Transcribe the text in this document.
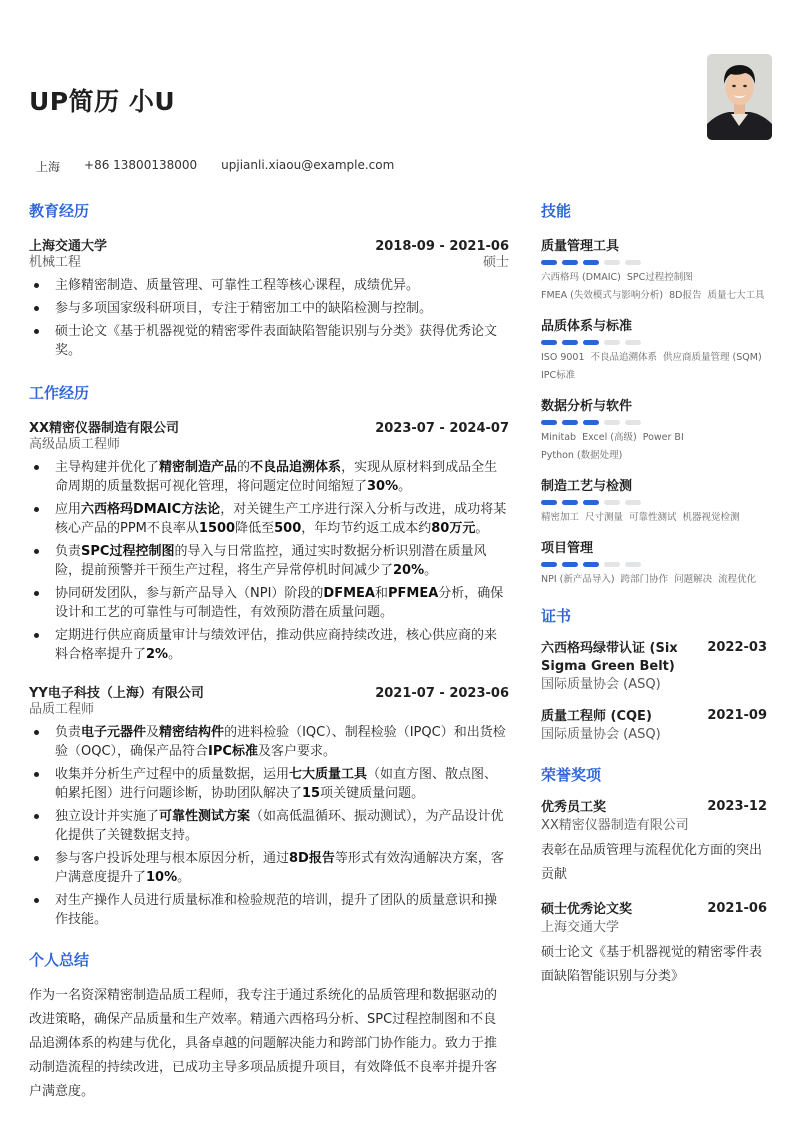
UP简历 小U
上海 +86 13800138000 upjianli.xiaou@example.com
教育经历
上海交通大学	2018-09 - 2021-06
机械工程	硕士
主修精密制造、质量管理、可靠性工程等核心课程，成绩优异。
参与多项国家级科研项目，专注于精密加工中的缺陷检测与控制。
硕士论文《基于机器视觉的精密零件表面缺陷智能识别与分类》获得优秀论文奖。
工作经历
XX精密仪器制造有限公司	2023-07 - 2024-07
高级品质工程师
主导构建并优化了精密制造产品的不良品追溯体系，实现从原材料到成品全生命周期的质量数据可视化管理，将问题定位时间缩短了30%。
应用六西格玛DMAIC方法论，对关键生产工序进行深入分析与改进，成功将某核心产品的PPM不良率从1500降低至500，年均节约返工成本约80万元。
负责SPC过程控制图的导入与日常监控，通过实时数据分析识别潜在质量风险，提前预警并干预生产过程，将生产异常停机时间减少了20%。
协同研发团队，参与新产品导入（NPI）阶段的DFMEA和PFMEA分析，确保设计和工艺的可靠性与可制造性，有效预防潜在质量问题。
定期进行供应商质量审计与绩效评估，推动供应商持续改进，核心供应商的来料合格率提升了2%。
YY电子科技（上海）有限公司	2021-07 - 2023-06
品质工程师
负责电子元器件及精密结构件的进料检验（IQC）、制程检验（IPQC）和出货检验（OQC），确保产品符合IPC标准及客户要求。
收集并分析生产过程中的质量数据，运用七大质量工具（如直方图、散点图、帕累托图）进行问题诊断，协助团队解决了15项关键质量问题。
独立设计并实施了可靠性测试方案（如高低温循环、振动测试），为产品设计优化提供了关键数据支持。
参与客户投诉处理与根本原因分析，通过8D报告等形式有效沟通解决方案，客户满意度提升了10%。
对生产操作人员进行质量标准和检验规范的培训，提升了团队的质量意识和操作技能。
个人总结

作为一名资深精密制造品质工程师，我专注于通过系统化的品质管理和数据驱动的改进策略，确保产品质量和生产效率。精通六西格玛分析、SPC过程控制图和不良品追溯体系的构建与优化，具备卓越的问题解决能力和跨部门协作能力。致力于推动制造流程的持续改进，已成功主导多项品质提升项目，有效降低不良率并提升客户满意度。

技能
质量管理工具
六西格玛 (DMAIC) SPC过程控制图
FMEA (失效模式与影响分析) 8D报告 质量七大工具
品质体系与标准
ISO 9001 不良品追溯体系 供应商质量管理 (SQM)
IPC标准
数据分析与软件
Minitab Excel (高级) Power BI
Python (数据处理)
制造工艺与检测
精密加工 尺寸测量 可靠性测试 机器视觉检测
项目管理
NPI (新产品导入) 跨部门协作 问题解决 流程优化
证书
六西格玛绿带认证 (Six Sigma Green Belt)
2022-03
国际质量协会 (ASQ)
质量工程师 (CQE)	2021-09
国际质量协会 (ASQ)
荣誉奖项
优秀员工奖	2023-12
XX精密仪器制造有限公司
表彰在品质管理与流程优化方面的突出贡献
硕士优秀论文奖	2021-06
上海交通大学
硕士论文《基于机器视觉的精密零件表面缺陷智能识别与分类》
